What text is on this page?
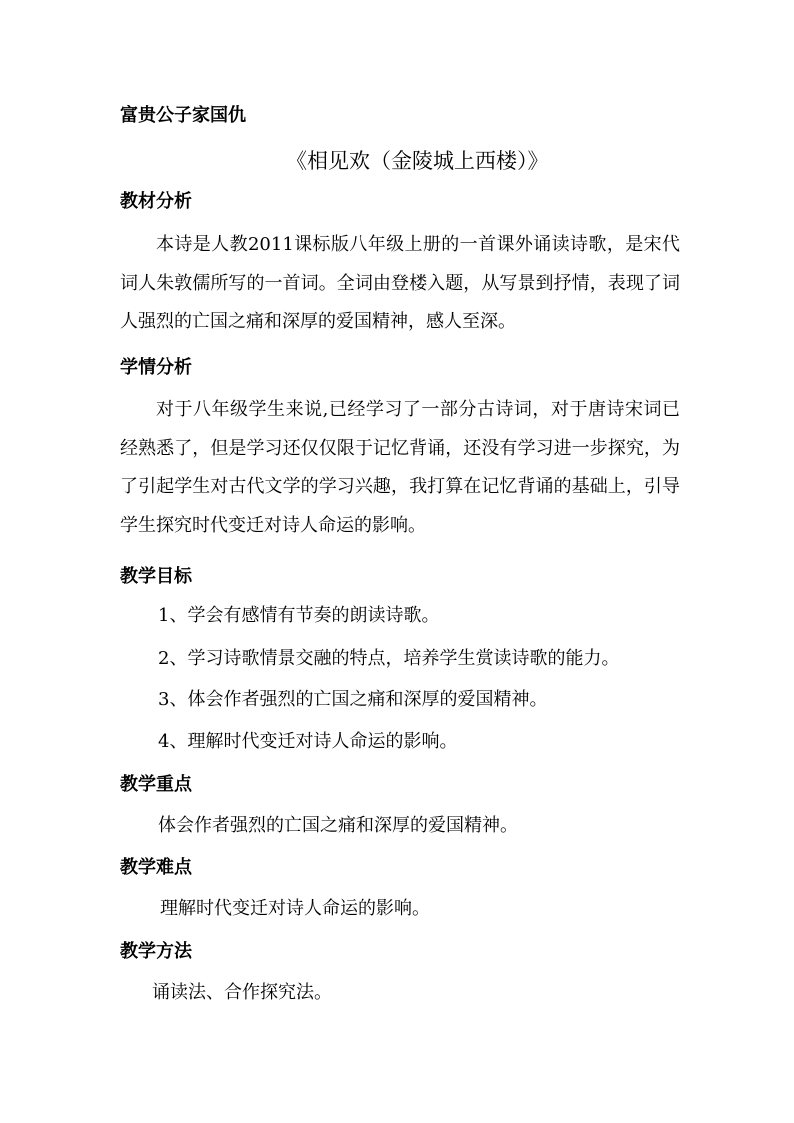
富贵公子家国仇
《相见欢（金陵城上西楼）》
教材分析

本诗是人教2011课标版八年级上册的一首课外诵读诗歌，是宋代词人朱敦儒所写的一首词。全词由登楼入题，从写景到抒情，表现了词人强烈的亡国之痛和深厚的爱国精神，感人至深。

学情分析

对于八年级学生来说,已经学习了一部分古诗词，对于唐诗宋词已经熟悉了，但是学习还仅仅限于记忆背诵，还没有学习进一步探究，为了引起学生对古代文学的学习兴趣，我打算在记忆背诵的基础上，引导学生探究时代变迁对诗人命运的影响。

教学目标
1、学会有感情有节奏的朗读诗歌。
2、学习诗歌情景交融的特点，培养学生赏读诗歌的能力。
3、体会作者强烈的亡国之痛和深厚的爱国精神。
4、理解时代变迁对诗人命运的影响。
教学重点
体会作者强烈的亡国之痛和深厚的爱国精神。
教学难点
理解时代变迁对诗人命运的影响。
教学方法
诵读法、合作探究法。
